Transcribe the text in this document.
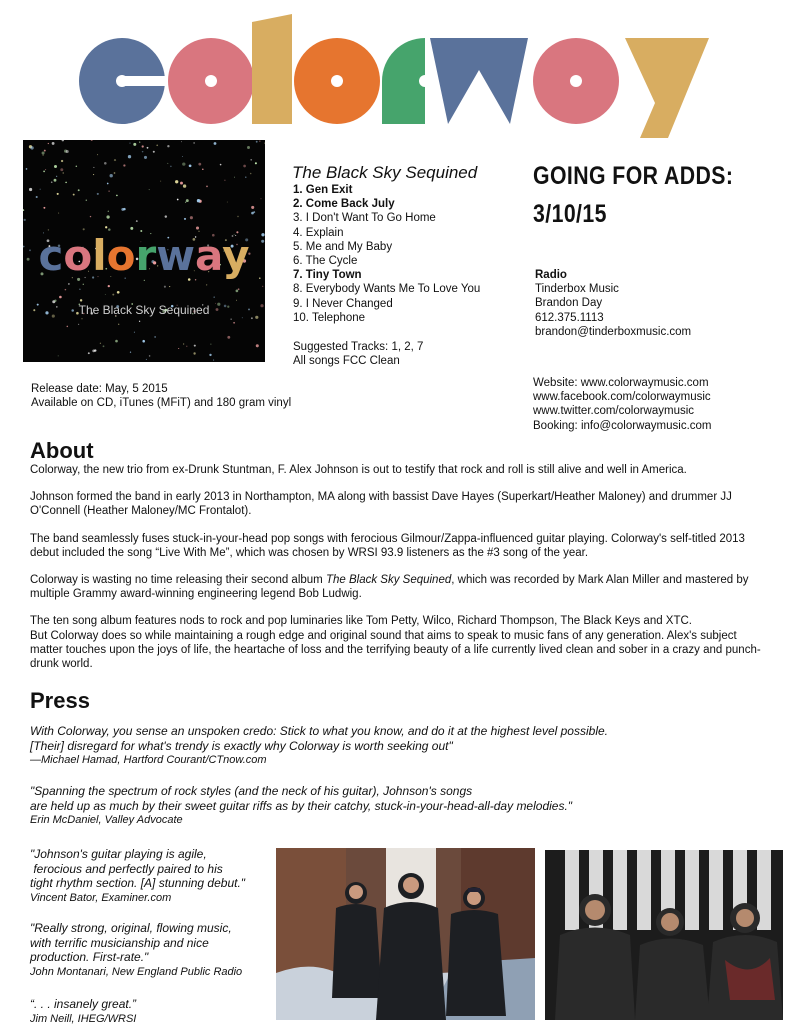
colorway
The Black Sky Sequined
The Black Sky Sequined
1. Gen Exit
2. Come Back July
3. I Don't Want To Go Home
4. Explain
5. Me and My Baby
6. The Cycle
7. Tiny Town
8. Everybody Wants Me To Love You
9. I Never Changed
10. Telephone
Suggested Tracks: 1, 2, 7
All songs FCC Clean
GOING FOR ADDS:
3/10/15
Radio
Tinderbox Music
Brandon Day
612.375.1113
brandon@tinderboxmusic.com
Release date: May, 5 2015
Available on CD, iTunes (MFiT) and 180 gram vinyl
Website: www.colorwaymusic.com
www.facebook.com/colorwaymusic
www.twitter.com/colorwaymusic
Booking: info@colorwaymusic.com
About

Colorway, the new trio from ex-Drunk Stuntman, F. Alex Johnson is out to testify that rock and roll is still alive and well in America.

Johnson formed the band in early 2013 in Northampton, MA along with bassist Dave Hayes (Superkart/Heather Maloney) and drummer JJ O'Connell (Heather Maloney/MC Frontalot).

The band seamlessly fuses stuck-in-your-head pop songs with ferocious Gilmour/Zappa-influenced guitar playing. Colorway's self-titled 2013 debut included the song “Live With Me”, which was chosen by WRSI 93.9 listeners as the #3 song of the year.

Colorway is wasting no time releasing their second album The Black Sky Sequined, which was recorded by Mark Alan Miller and mastered by multiple Grammy award-winning engineering legend Bob Ludwig.

The ten song album features nods to rock and pop luminaries like Tom Petty, Wilco, Richard Thompson, The Black Keys and XTC.
But Colorway does so while maintaining a rough edge and original sound that aims to speak to music fans of any generation. Alex's subject matter touches upon the joys of life, the heartache of loss and the terrifying beauty of a life currently lived clean and sober in a crazy and punch-drunk world.

Press
With Colorway, you sense an unspoken credo: Stick to what you know, and do it at the highest level possible.
[Their] disregard for what's trendy is exactly why Colorway is worth seeking out"
—Michael Hamad, Hartford Courant/CTnow.com
"Spanning the spectrum of rock styles (and the neck of his guitar), Johnson's songs
are held up as much by their sweet guitar riffs as by their catchy, stuck-in-your-head-all-day melodies."
Erin McDaniel, Valley Advocate
"Johnson's guitar playing is agile,
ferocious and perfectly paired to his
tight rhythm section. [A] stunning debut."
Vincent Bator, Examiner.com
"Really strong, original, flowing music,
with terrific musicianship and nice
production. First-rate."
John Montanari, New England Public Radio
“. . . insanely great.”
Jim Neill, IHEG/WRSI
